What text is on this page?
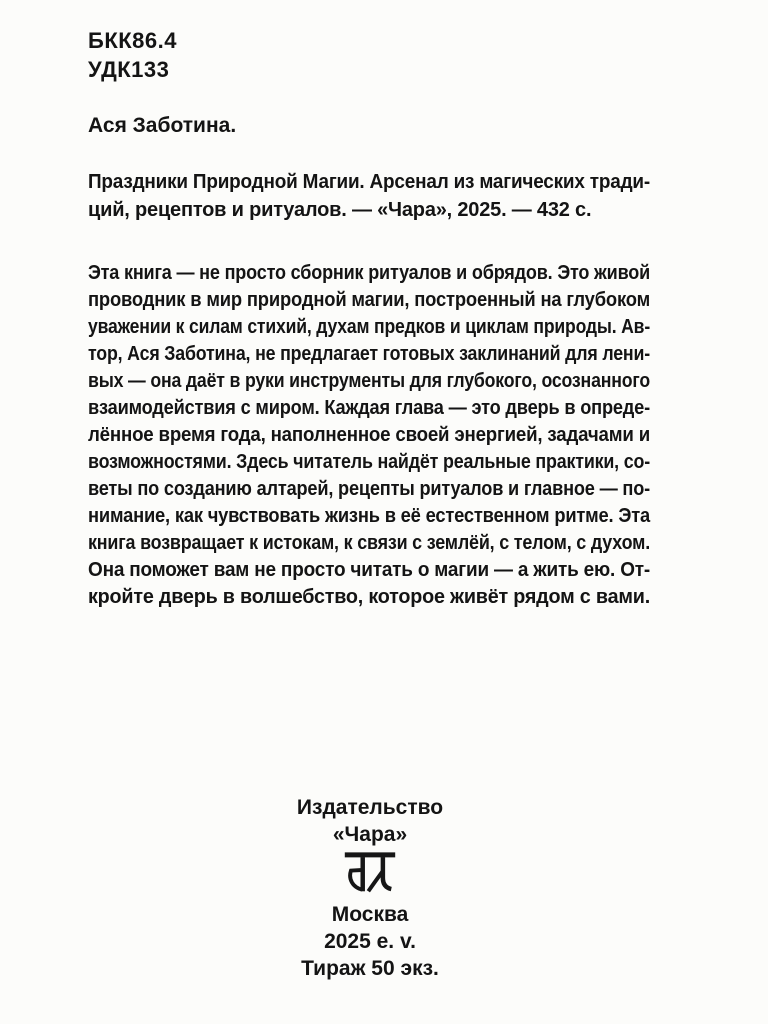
БКК86.4
УДК133
Ася Заботина.
Праздники Природной Магии. Арсенал из магических тради-
ций, рецептов и ритуалов. — «Чара», 2025. — 432 с.
Эта книга — не просто сборник ритуалов и обрядов. Это живой
проводник в мир природной магии, построенный на глубоком
уважении к силам стихий, духам предков и циклам природы. Ав-
тор, Ася Заботина, не предлагает готовых заклинаний для лени-
вых — она даёт в руки инструменты для глубокого, осознанного
взаимодействия с миром. Каждая глава — это дверь в опреде-
лённое время года, наполненное своей энергией, задачами и
возможностями. Здесь читатель найдёт реальные практики, со-
веты по созданию алтарей, рецепты ритуалов и главное — по-
нимание, как чувствовать жизнь в её естественном ритме. Эта
книга возвращает к истокам, к связи с землёй, с телом, с духом.
Она поможет вам не просто читать о магии — а жить ею. От-
кройте дверь в волшебство, которое живёт рядом с вами.
Издательство
«Чара»
Москва
2025 е. v.
Тираж 50 экз.
